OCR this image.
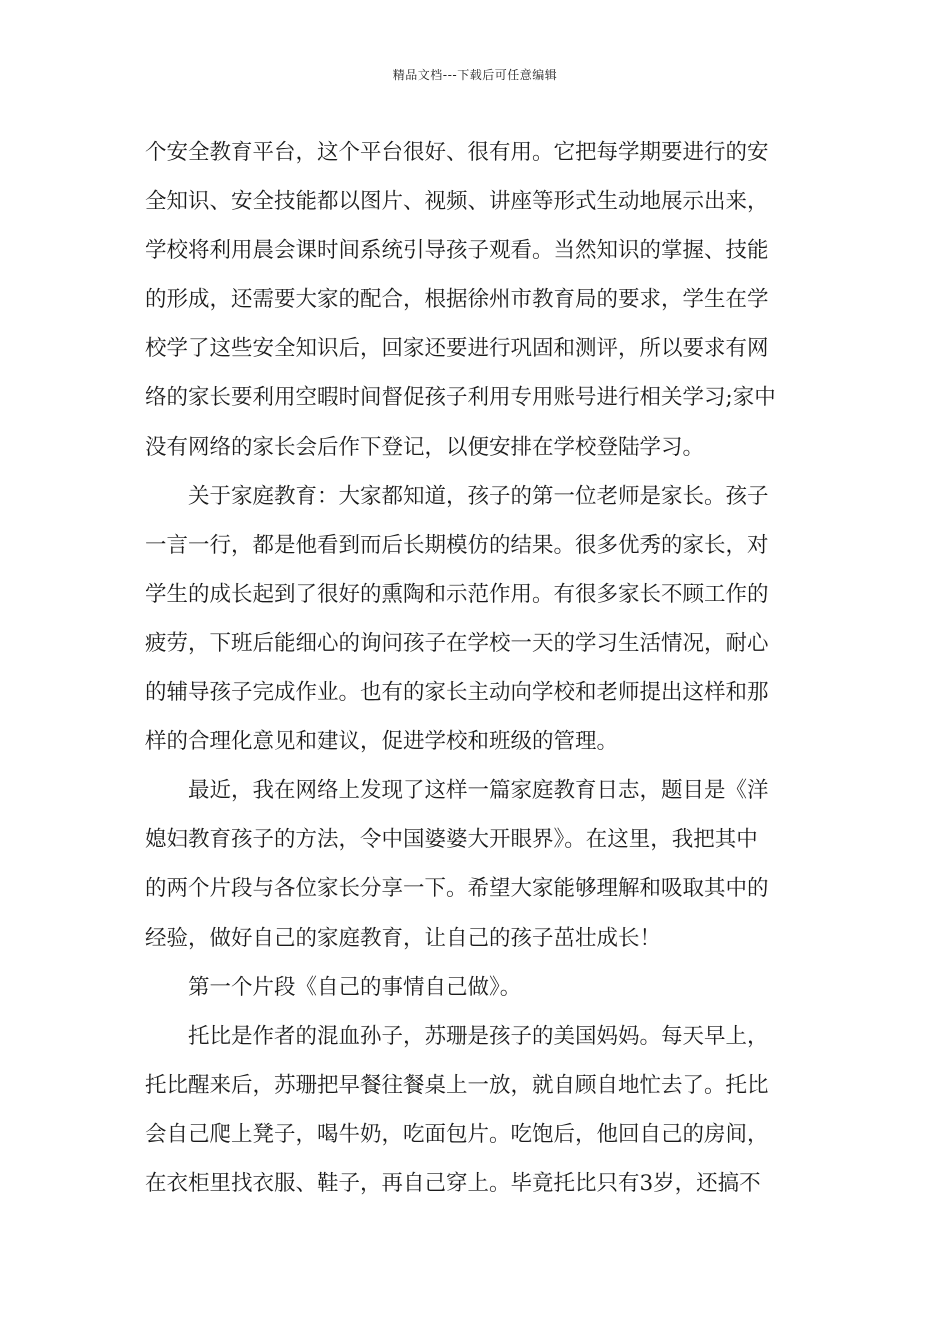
精品文档---下载后可任意编辑
个安全教育平台，这个平台很好、很有用。它把每学期要进行的安
全知识、安全技能都以图片、视频、讲座等形式生动地展示出来，
学校将利用晨会课时间系统引导孩子观看。当然知识的掌握、技能
的形成，还需要大家的配合，根据徐州市教育局的要求，学生在学
校学了这些安全知识后，回家还要进行巩固和测评，所以要求有网
络的家长要利用空暇时间督促孩子利用专用账号进行相关学习;家中
没有网络的家长会后作下登记，以便安排在学校登陆学习。
关于家庭教育：大家都知道，孩子的第一位老师是家长。孩子
一言一行，都是他看到而后长期模仿的结果。很多优秀的家长，对
学生的成长起到了很好的熏陶和示范作用。有很多家长不顾工作的
疲劳，下班后能细心的询问孩子在学校一天的学习生活情况，耐心
的辅导孩子完成作业。也有的家长主动向学校和老师提出这样和那
样的合理化意见和建议，促进学校和班级的管理。
最近，我在网络上发现了这样一篇家庭教育日志，题目是《洋
媳妇教育孩子的方法，令中国婆婆大开眼界》。在这里，我把其中
的两个片段与各位家长分享一下。希望大家能够理解和吸取其中的
经验，做好自己的家庭教育，让自己的孩子茁壮成长！
第一个片段《自己的事情自己做》。
托比是作者的混血孙子，苏珊是孩子的美国妈妈。每天早上，
托比醒来后，苏珊把早餐往餐桌上一放，就自顾自地忙去了。托比
会自己爬上凳子，喝牛奶，吃面包片。吃饱后，他回自己的房间，
在衣柜里找衣服、鞋子，再自己穿上。毕竟托比只有3岁，还搞不
